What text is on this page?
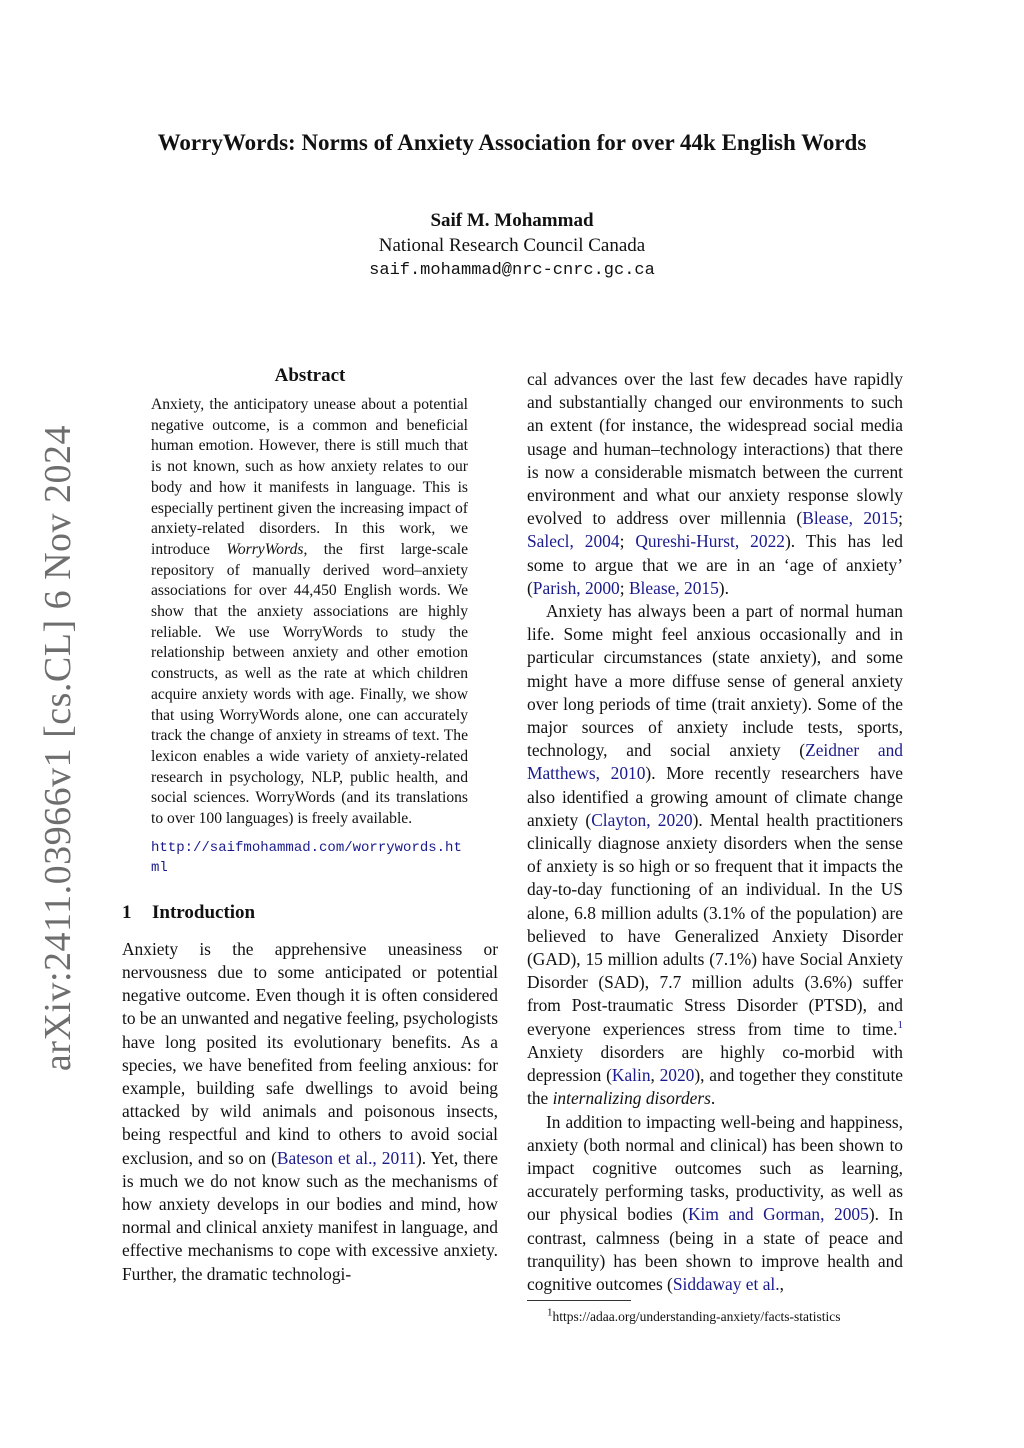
arXiv:2411.03966v1 [cs.CL] 6 Nov 2024
WorryWords: Norms of Anxiety Association for over 44k English Words
Saif M. Mohammad
National Research Council Canada
saif.mohammad@nrc-cnrc.gc.ca
Abstract

Anxiety, the anticipatory unease about a potential negative outcome, is a common and beneficial human emotion. However, there is still much that is not known, such as how anxiety relates to our body and how it manifests in language. This is especially pertinent given the increasing impact of anxiety-related disorders. In this work, we introduce WorryWords, the first large-scale repository of manually derived word–anxiety associations for over 44,450 English words. We show that the anxiety associations are highly reliable. We use WorryWords to study the relationship between anxiety and other emotion constructs, as well as the rate at which children acquire anxiety words with age. Finally, we show that using WorryWords alone, one can accurately track the change of anxiety in streams of text. The lexicon enables a wide variety of anxiety-related research in psychology, NLP, public health, and social sciences. WorryWords (and its translations to over 100 languages) is freely available.

http://saifmohammad.com/worrywords.html
1 Introduction

Anxiety is the apprehensive uneasiness or nervousness due to some anticipated or potential negative outcome. Even though it is often considered to be an unwanted and negative feeling, psychologists have long posited its evolutionary benefits. As a species, we have benefited from feeling anxious: for example, building safe dwellings to avoid being attacked by wild animals and poisonous insects, being respectful and kind to others to avoid social exclusion, and so on (Bateson et al., 2011). Yet, there is much we do not know such as the mechanisms of how anxiety develops in our bodies and mind, how normal and clinical anxiety manifest in language, and effective mechanisms to cope with excessive anxiety. Further, the dramatic technologi-

cal advances over the last few decades have rapidly and substantially changed our environments to such an extent (for instance, the widespread social media usage and human–technology interactions) that there is now a considerable mismatch between the current environment and what our anxiety response slowly evolved to address over millennia (Blease, 2015; Salecl, 2004; Qureshi-Hurst, 2022). This has led some to argue that we are in an ‘age of anxiety’ (Parish, 2000; Blease, 2015).

Anxiety has always been a part of normal human life. Some might feel anxious occasionally and in particular circumstances (state anxiety), and some might have a more diffuse sense of general anxiety over long periods of time (trait anxiety). Some of the major sources of anxiety include tests, sports, technology, and social anxiety (Zeidner and Matthews, 2010). More recently researchers have also identified a growing amount of climate change anxiety (Clayton, 2020). Mental health practitioners clinically diagnose anxiety disorders when the sense of anxiety is so high or so frequent that it impacts the day-to-day functioning of an individual. In the US alone, 6.8 million adults (3.1% of the population) are believed to have Generalized Anxiety Disorder (GAD), 15 million adults (7.1%) have Social Anxiety Disorder (SAD), 7.7 million adults (3.6%) suffer from Post-traumatic Stress Disorder (PTSD), and everyone experiences stress from time to time.$^1$ Anxiety disorders are highly co-morbid with depression (Kalin, 2020), and together they constitute the internalizing disorders.

In addition to impacting well-being and happiness, anxiety (both normal and clinical) has been shown to impact cognitive outcomes such as learning, accurately performing tasks, productivity, as well as our physical bodies (Kim and Gorman, 2005). In contrast, calmness (being in a state of peace and tranquility) has been shown to improve health and cognitive outcomes (Siddaway et al.,

$^1$https://adaa.org/understanding-anxiety/facts-statistics
